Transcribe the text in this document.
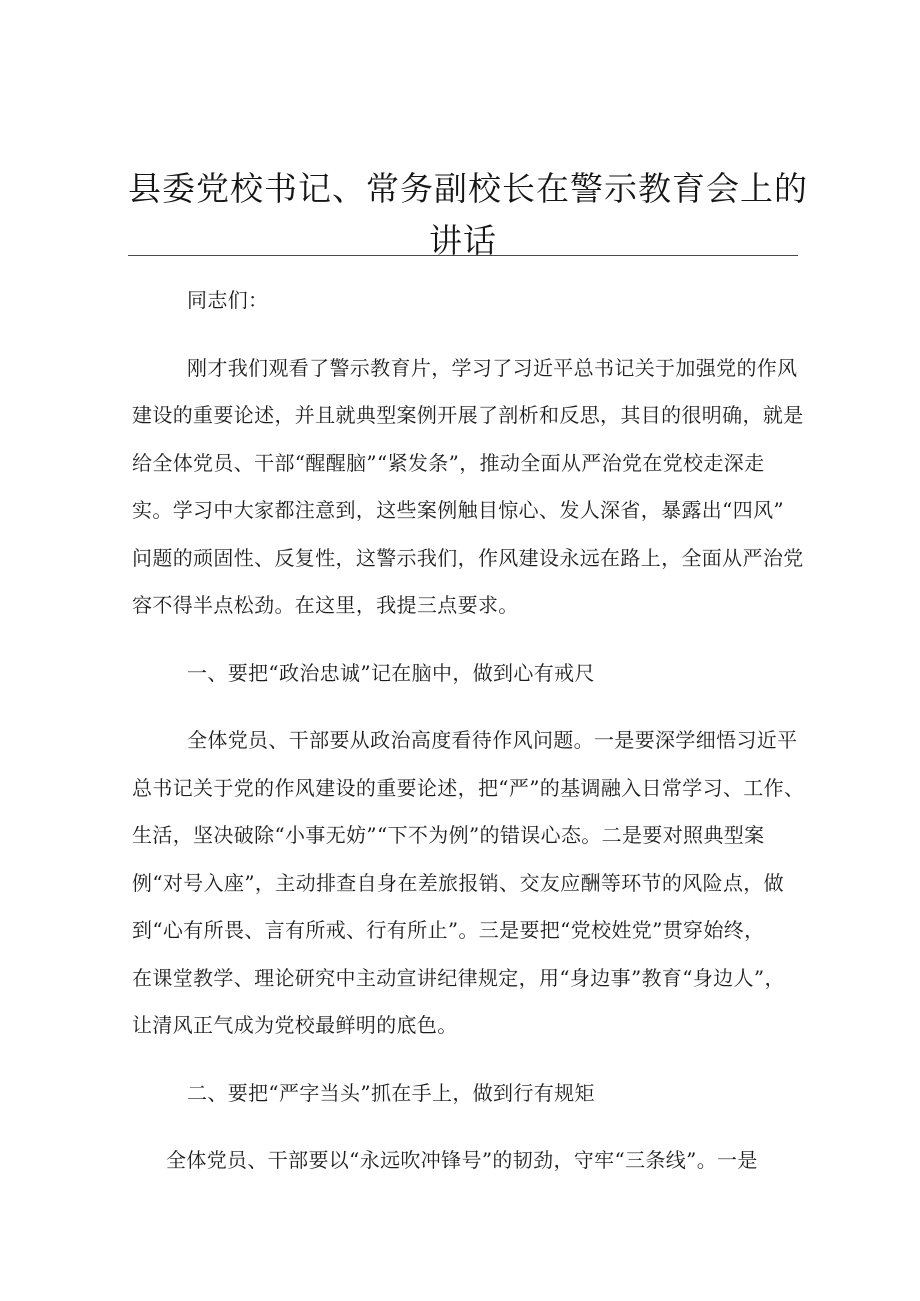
县委党校书记、常务副校长在警示教育会上的
讲话

同志们：

刚才我们观看了警示教育片，学习了习近平总书记关于加强党的作风
建设的重要论述，并且就典型案例开展了剖析和反思，其目的很明确，就是
给全体党员、干部“醒醒脑”“紧发条”，推动全面从严治党在党校走深走
实。学习中大家都注意到，这些案例触目惊心、发人深省，暴露出“四风”
问题的顽固性、反复性，这警示我们，作风建设永远在路上，全面从严治党
容不得半点松劲。在这里，我提三点要求。

一、要把“政治忠诚”记在脑中，做到心有戒尺

全体党员、干部要从政治高度看待作风问题。一是要深学细悟习近平
总书记关于党的作风建设的重要论述，把“严”的基调融入日常学习、工作、
生活，坚决破除“小事无妨”“下不为例”的错误心态。二是要对照典型案
例“对号入座”，主动排查自身在差旅报销、交友应酬等环节的风险点，做
到“心有所畏、言有所戒、行有所止”。三是要把“党校姓党”贯穿始终，
在课堂教学、理论研究中主动宣讲纪律规定，用“身边事”教育“身边人”，
让清风正气成为党校最鲜明的底色。

二、要把“严字当头”抓在手上，做到行有规矩

全体党员、干部要以“永远吹冲锋号”的韧劲，守牢“三条线”。一是
